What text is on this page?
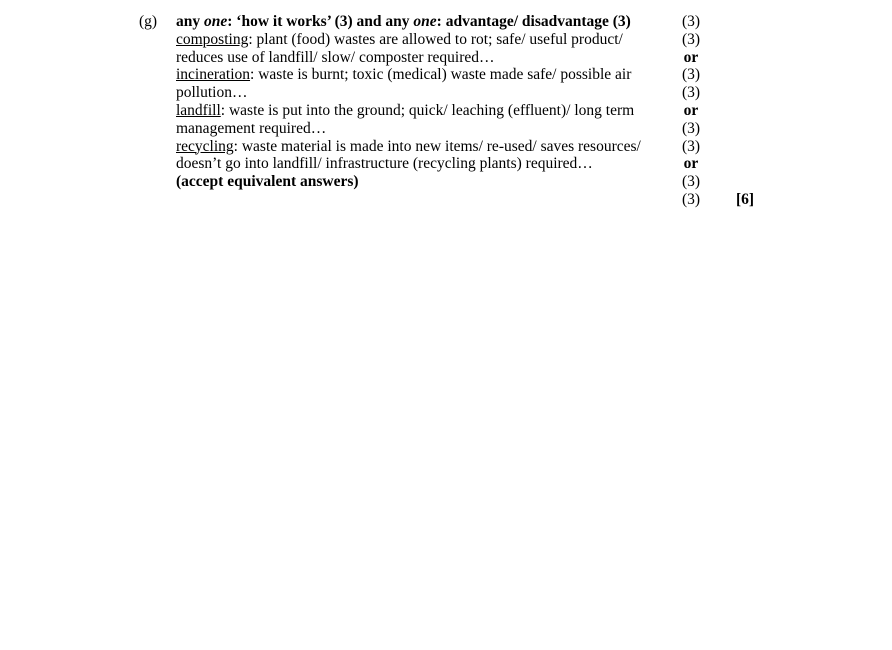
(g) any one: ‘how it works’ (3) and any one: advantage/ disadvantage (3)
composting: plant (food) wastes are allowed to rot; safe/ useful product/
reduces use of landfill/ slow/ composter required…
incineration: waste is burnt; toxic (medical) waste made safe/ possible air
pollution…
landfill: waste is put into the ground; quick/ leaching (effluent)/ long term
management required…
recycling: waste material is made into new items/ re-used/ saves resources/
doesn’t go into landfill/ infrastructure (recycling plants) required…
(accept equivalent answers)
(3)
(3)
or
(3)
(3)
or
(3)
(3)
or
(3)
(3)	[6]
